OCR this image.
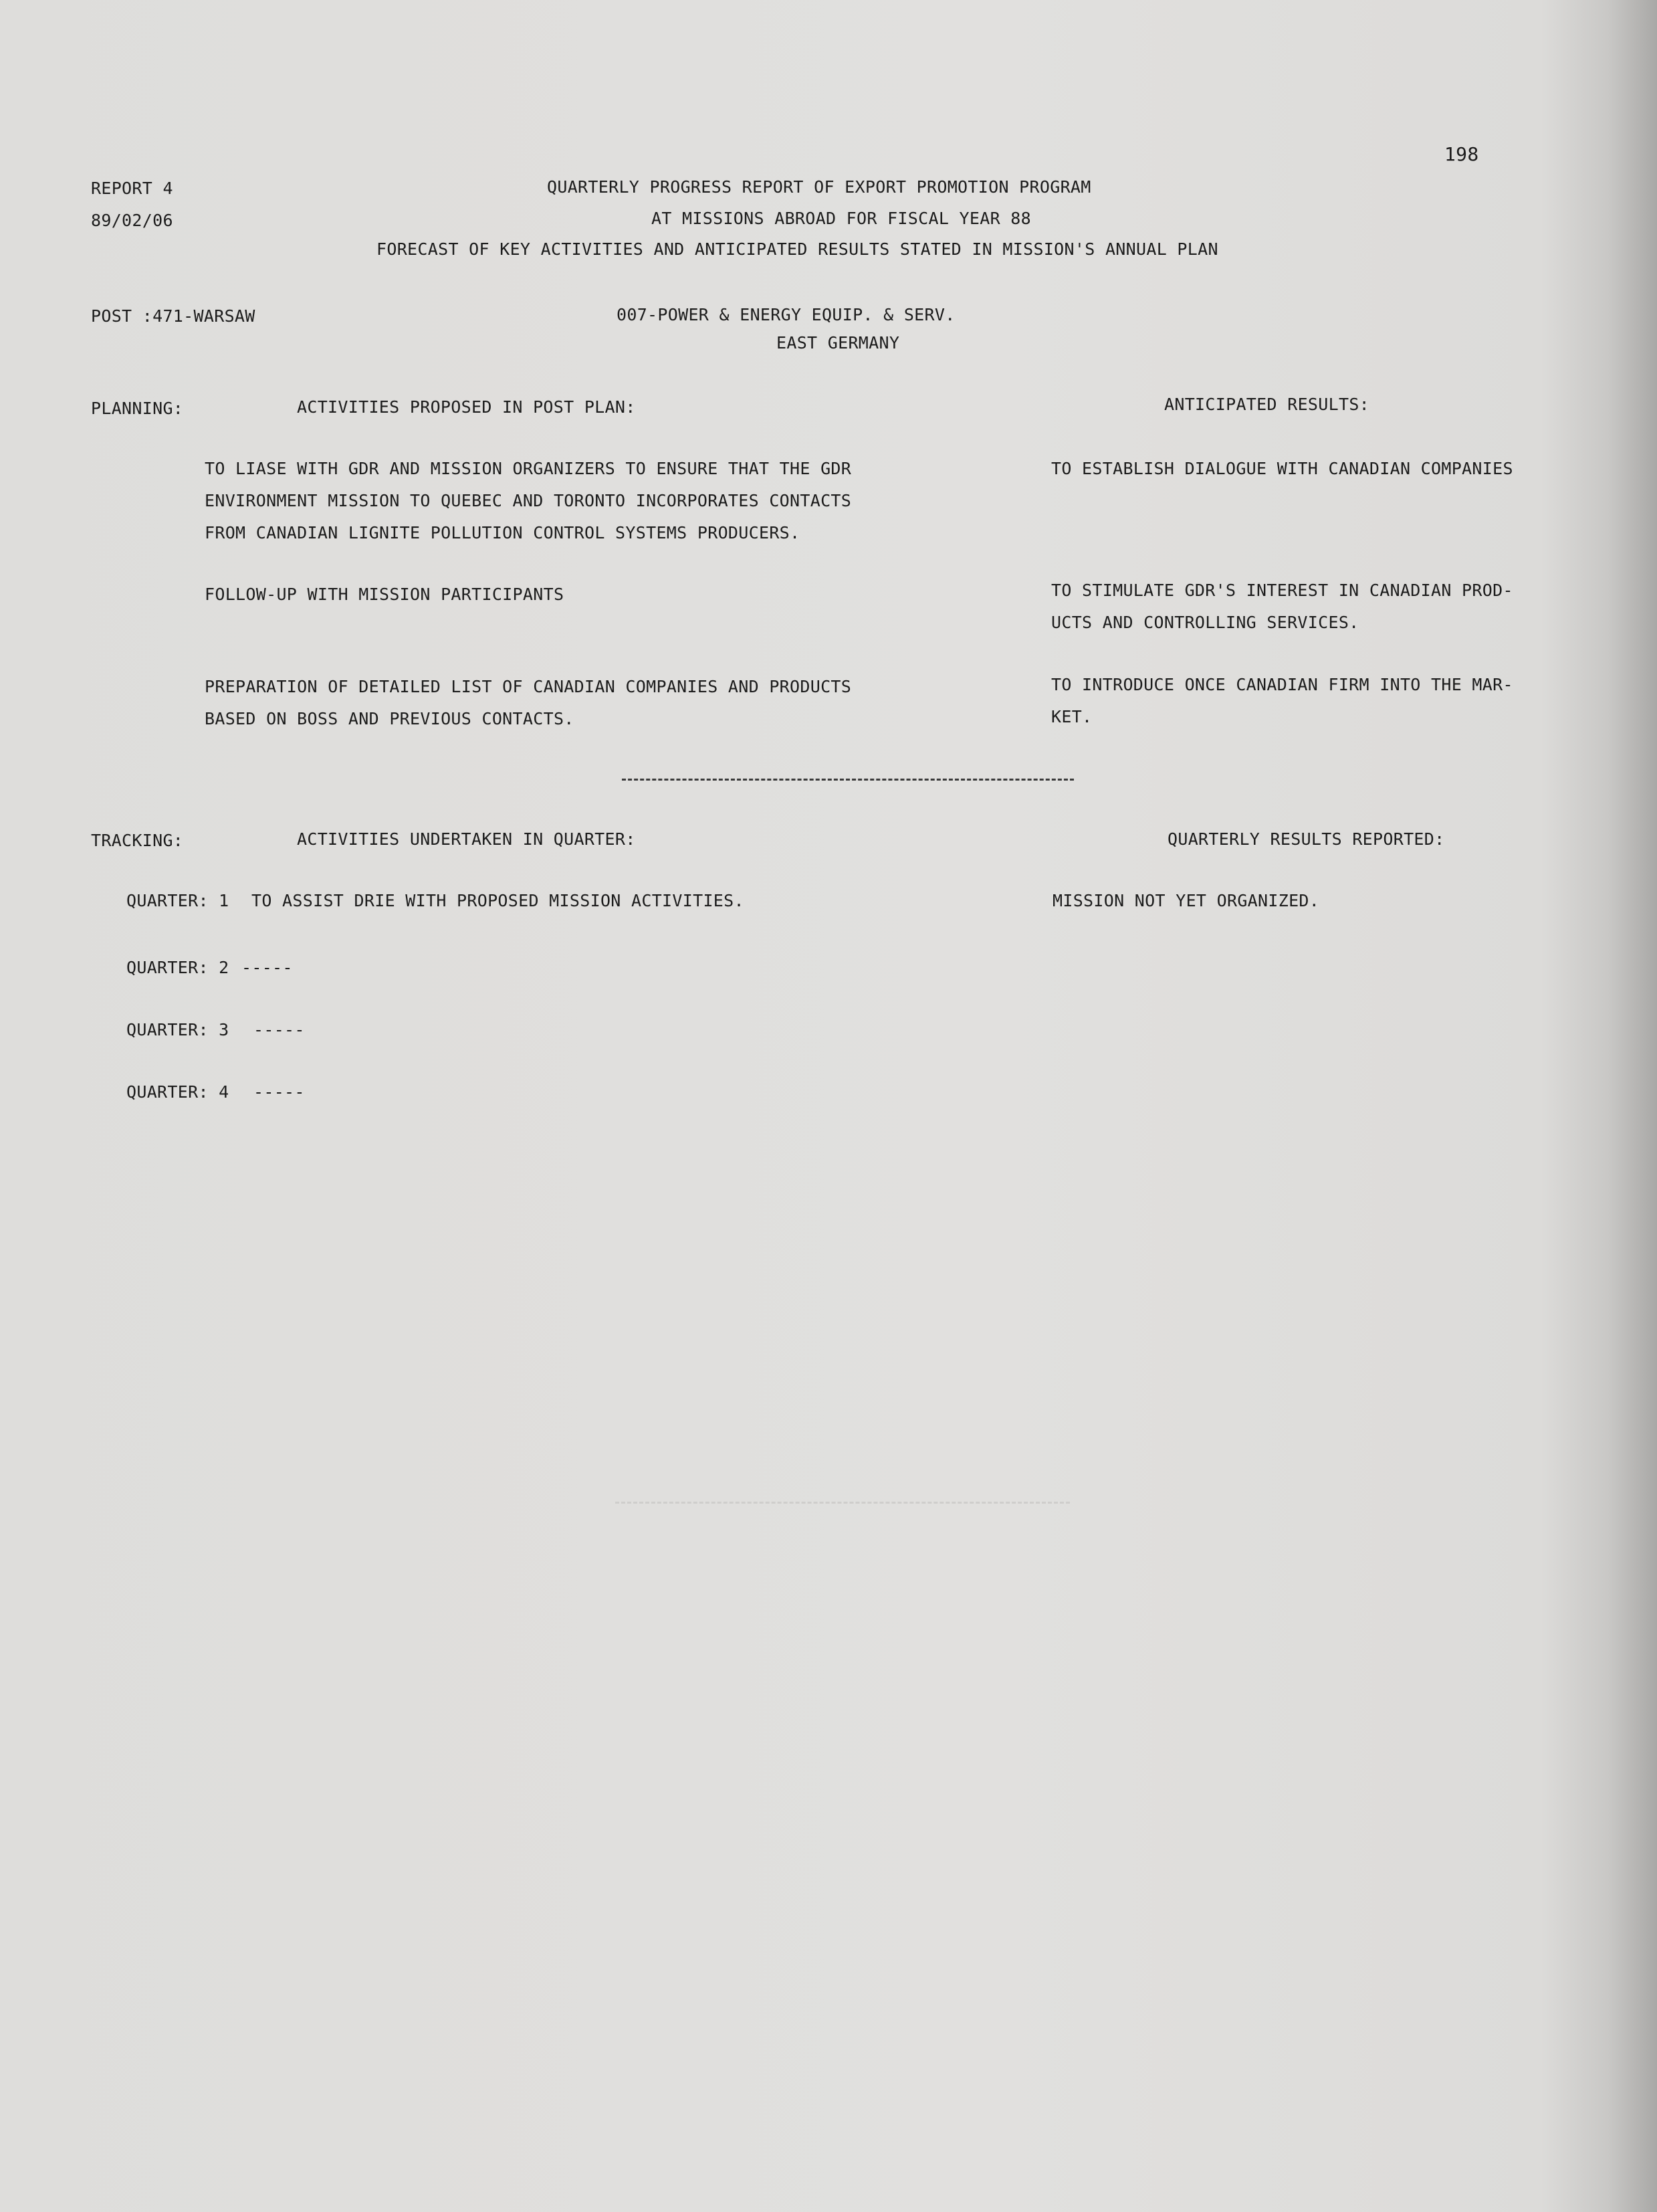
198
REPORT 4
89/02/06
QUARTERLY PROGRESS REPORT OF EXPORT PROMOTION PROGRAM
AT MISSIONS ABROAD FOR FISCAL YEAR 88
FORECAST OF KEY ACTIVITIES AND ANTICIPATED RESULTS STATED IN MISSION'S ANNUAL PLAN
POST :471-WARSAW	007-POWER & ENERGY EQUIP. & SERV.
EAST GERMANY
PLANNING:	ACTIVITIES PROPOSED IN POST PLAN:	ANTICIPATED RESULTS:
TO LIASE WITH GDR AND MISSION ORGANIZERS TO ENSURE THAT THE GDR
ENVIRONMENT MISSION TO QUEBEC AND TORONTO INCORPORATES CONTACTS
FROM CANADIAN LIGNITE POLLUTION CONTROL SYSTEMS PRODUCERS.
TO ESTABLISH DIALOGUE WITH CANADIAN COMPANIES
FOLLOW-UP WITH MISSION PARTICIPANTS	TO STIMULATE GDR'S INTEREST IN CANADIAN PROD-
UCTS AND CONTROLLING SERVICES.
PREPARATION OF DETAILED LIST OF CANADIAN COMPANIES AND PRODUCTS
BASED ON BOSS AND PREVIOUS CONTACTS.
TO INTRODUCE ONCE CANADIAN FIRM INTO THE MAR-
KET.
TRACKING:	ACTIVITIES UNDERTAKEN IN QUARTER:	QUARTERLY RESULTS REPORTED:
QUARTER: 1 TO ASSIST DRIE WITH PROPOSED MISSION ACTIVITIES.	MISSION NOT YET ORGANIZED.
QUARTER: 2 -----
QUARTER: 3 -----
QUARTER: 4 -----
